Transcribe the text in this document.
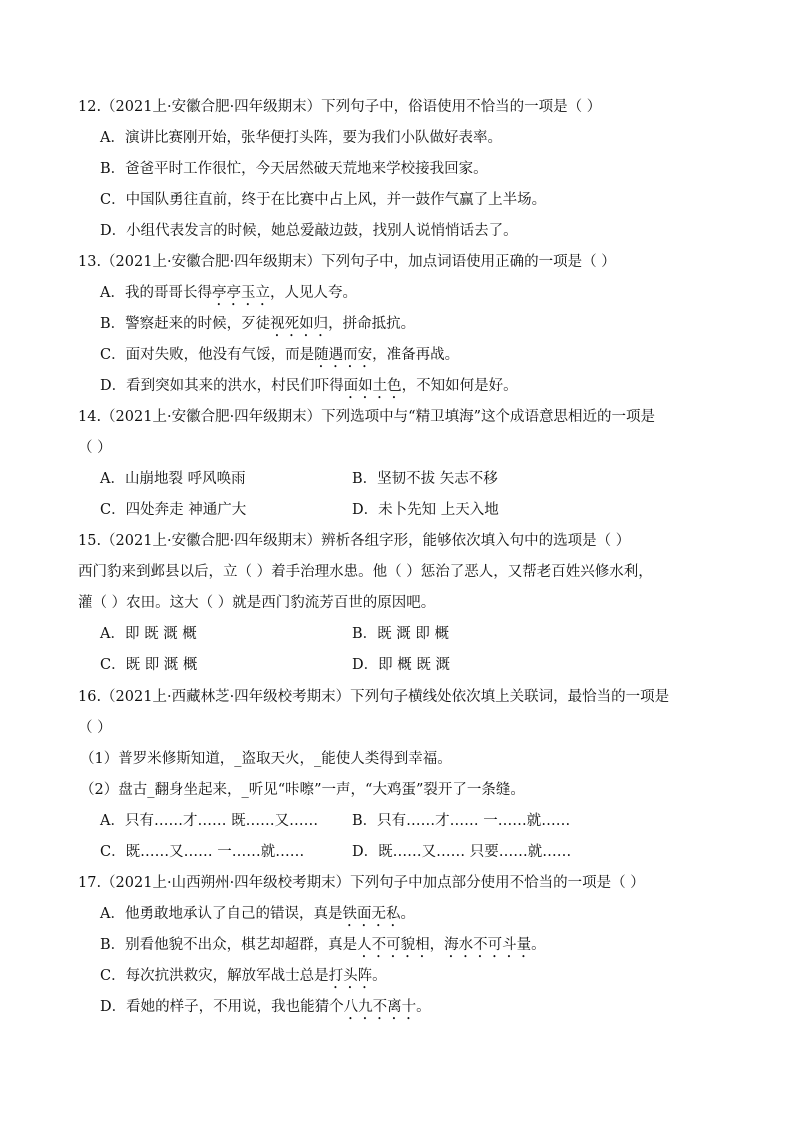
12.（2021上·安徽合肥·四年级期末）下列句子中，俗语使用不恰当的一项是（ ）
A．演讲比赛刚开始，张华便打头阵，要为我们小队做好表率。
B．爸爸平时工作很忙，今天居然破天荒地来学校接我回家。
C．中国队勇往直前，终于在比赛中占上风，并一鼓作气赢了上半场。
D．小组代表发言的时候，她总爱敲边鼓，找别人说悄悄话去了。
13.（2021上·安徽合肥·四年级期末）下列句子中，加点词语使用正确的一项是（ ）
A．我的哥哥长得亭亭玉立，人见人夸。
B．警察赶来的时候，歹徒视死如归，拼命抵抗。
C．面对失败，他没有气馁，而是随遇而安，准备再战。
D．看到突如其来的洪水，村民们吓得面如土色，不知如何是好。
14.（2021上·安徽合肥·四年级期末）下列选项中与“精卫填海”这个成语意思相近的一项是
（ ）
A．山崩地裂 呼风唤雨	B．坚韧不拔 矢志不移
C．四处奔走 神通广大	D．未卜先知 上天入地
15.（2021上·安徽合肥·四年级期末）辨析各组字形，能够依次填入句中的选项是（ ）
西门豹来到邺县以后，立（ ）着手治理水患。他（ ）惩治了恶人，又帮老百姓兴修水利，
灌（ ）农田。这大（ ）就是西门豹流芳百世的原因吧。
A．即 既 溉 概	B．既 溉 即 概
C．既 即 溉 概	D．即 概 既 溉
16.（2021上·西藏林芝·四年级校考期末）下列句子横线处依次填上关联词，最恰当的一项是
（ ）
（1）普罗米修斯知道，_盗取天火，_能使人类得到幸福。
（2）盘古_翻身坐起来，_听见“咔嚓”一声，“大鸡蛋”裂开了一条缝。
A．只有……才…… 既……又…… B．只有……才…… 一……就……
C．既……又…… 一……就……	D．既……又…… 只要……就……
17.（2021上·山西朔州·四年级校考期末）下列句子中加点部分使用不恰当的一项是（ ）
A．他勇敢地承认了自己的错误，真是铁面无私。
B．别看他貌不出众，棋艺却超群，真是人不可貌相，海水不可斗量。
C．每次抗洪救灾，解放军战士总是打头阵。
D．看她的样子，不用说，我也能猜个八九不离十。
